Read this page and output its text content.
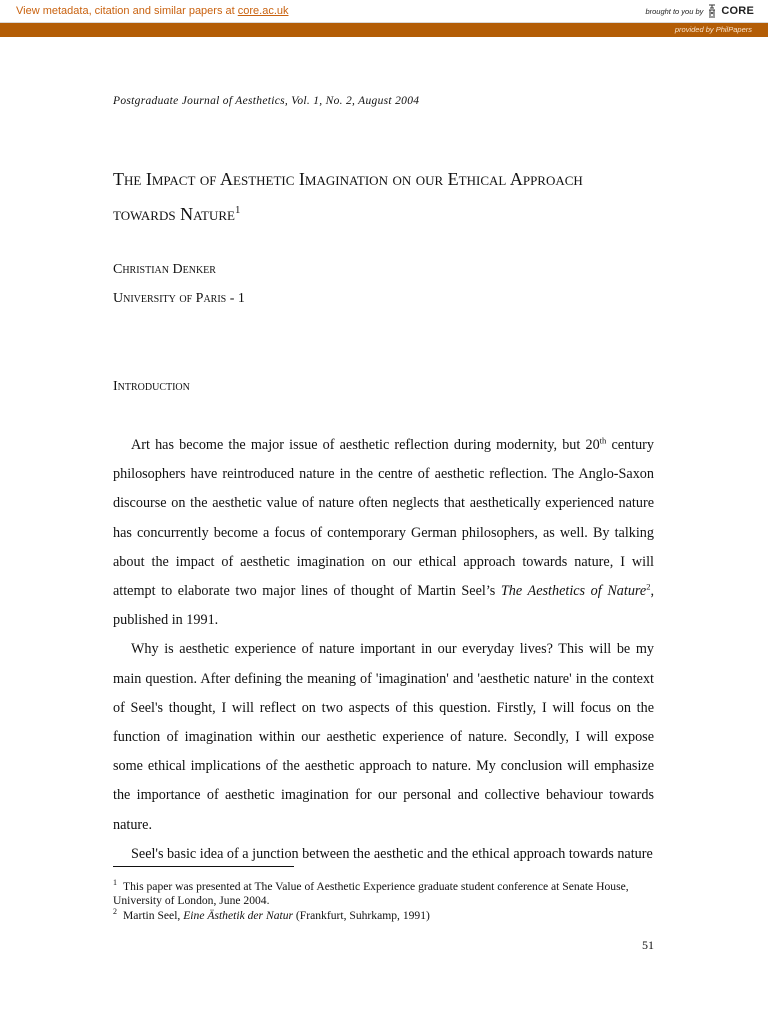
View metadata, citation and similar papers at core.ac.uk	brought to you by CORE
provided by PhilPapers
Postgraduate Journal of Aesthetics, Vol. 1, No. 2, August 2004
The Impact of Aesthetic Imagination on our Ethical Approach
towards Nature$^1$
Christian Denker
University of Paris - 1
Introduction

Art has become the major issue of aesthetic reflection during modernity, but 20th century philosophers have reintroduced nature in the centre of aesthetic reflection. The Anglo-Saxon discourse on the aesthetic value of nature often neglects that aesthetically experienced nature has concurrently become a focus of contemporary German philosophers, as well. By talking about the impact of aesthetic imagination on our ethical approach towards nature, I will attempt to elaborate two major lines of thought of Martin Seel’s The Aesthetics of Nature$^2$, published in 1991.

Why is aesthetic experience of nature important in our everyday lives? This will be my main question. After defining the meaning of 'imagination' and 'aesthetic nature' in the context of Seel's thought, I will reflect on two aspects of this question. Firstly, I will focus on the function of imagination within our aesthetic experience of nature. Secondly, I will expose some ethical implications of the aesthetic approach to nature. My conclusion will emphasize the importance of aesthetic imagination for our personal and collective behaviour towards nature.

Seel's basic idea of a junction between the aesthetic and the ethical approach towards nature

$^1$ This paper was presented at The Value of Aesthetic Experience graduate student conference at Senate House, University of London, June 2004.

$^2$ Martin Seel, Eine Ästhetik der Natur (Frankfurt, Suhrkamp, 1991)

51
